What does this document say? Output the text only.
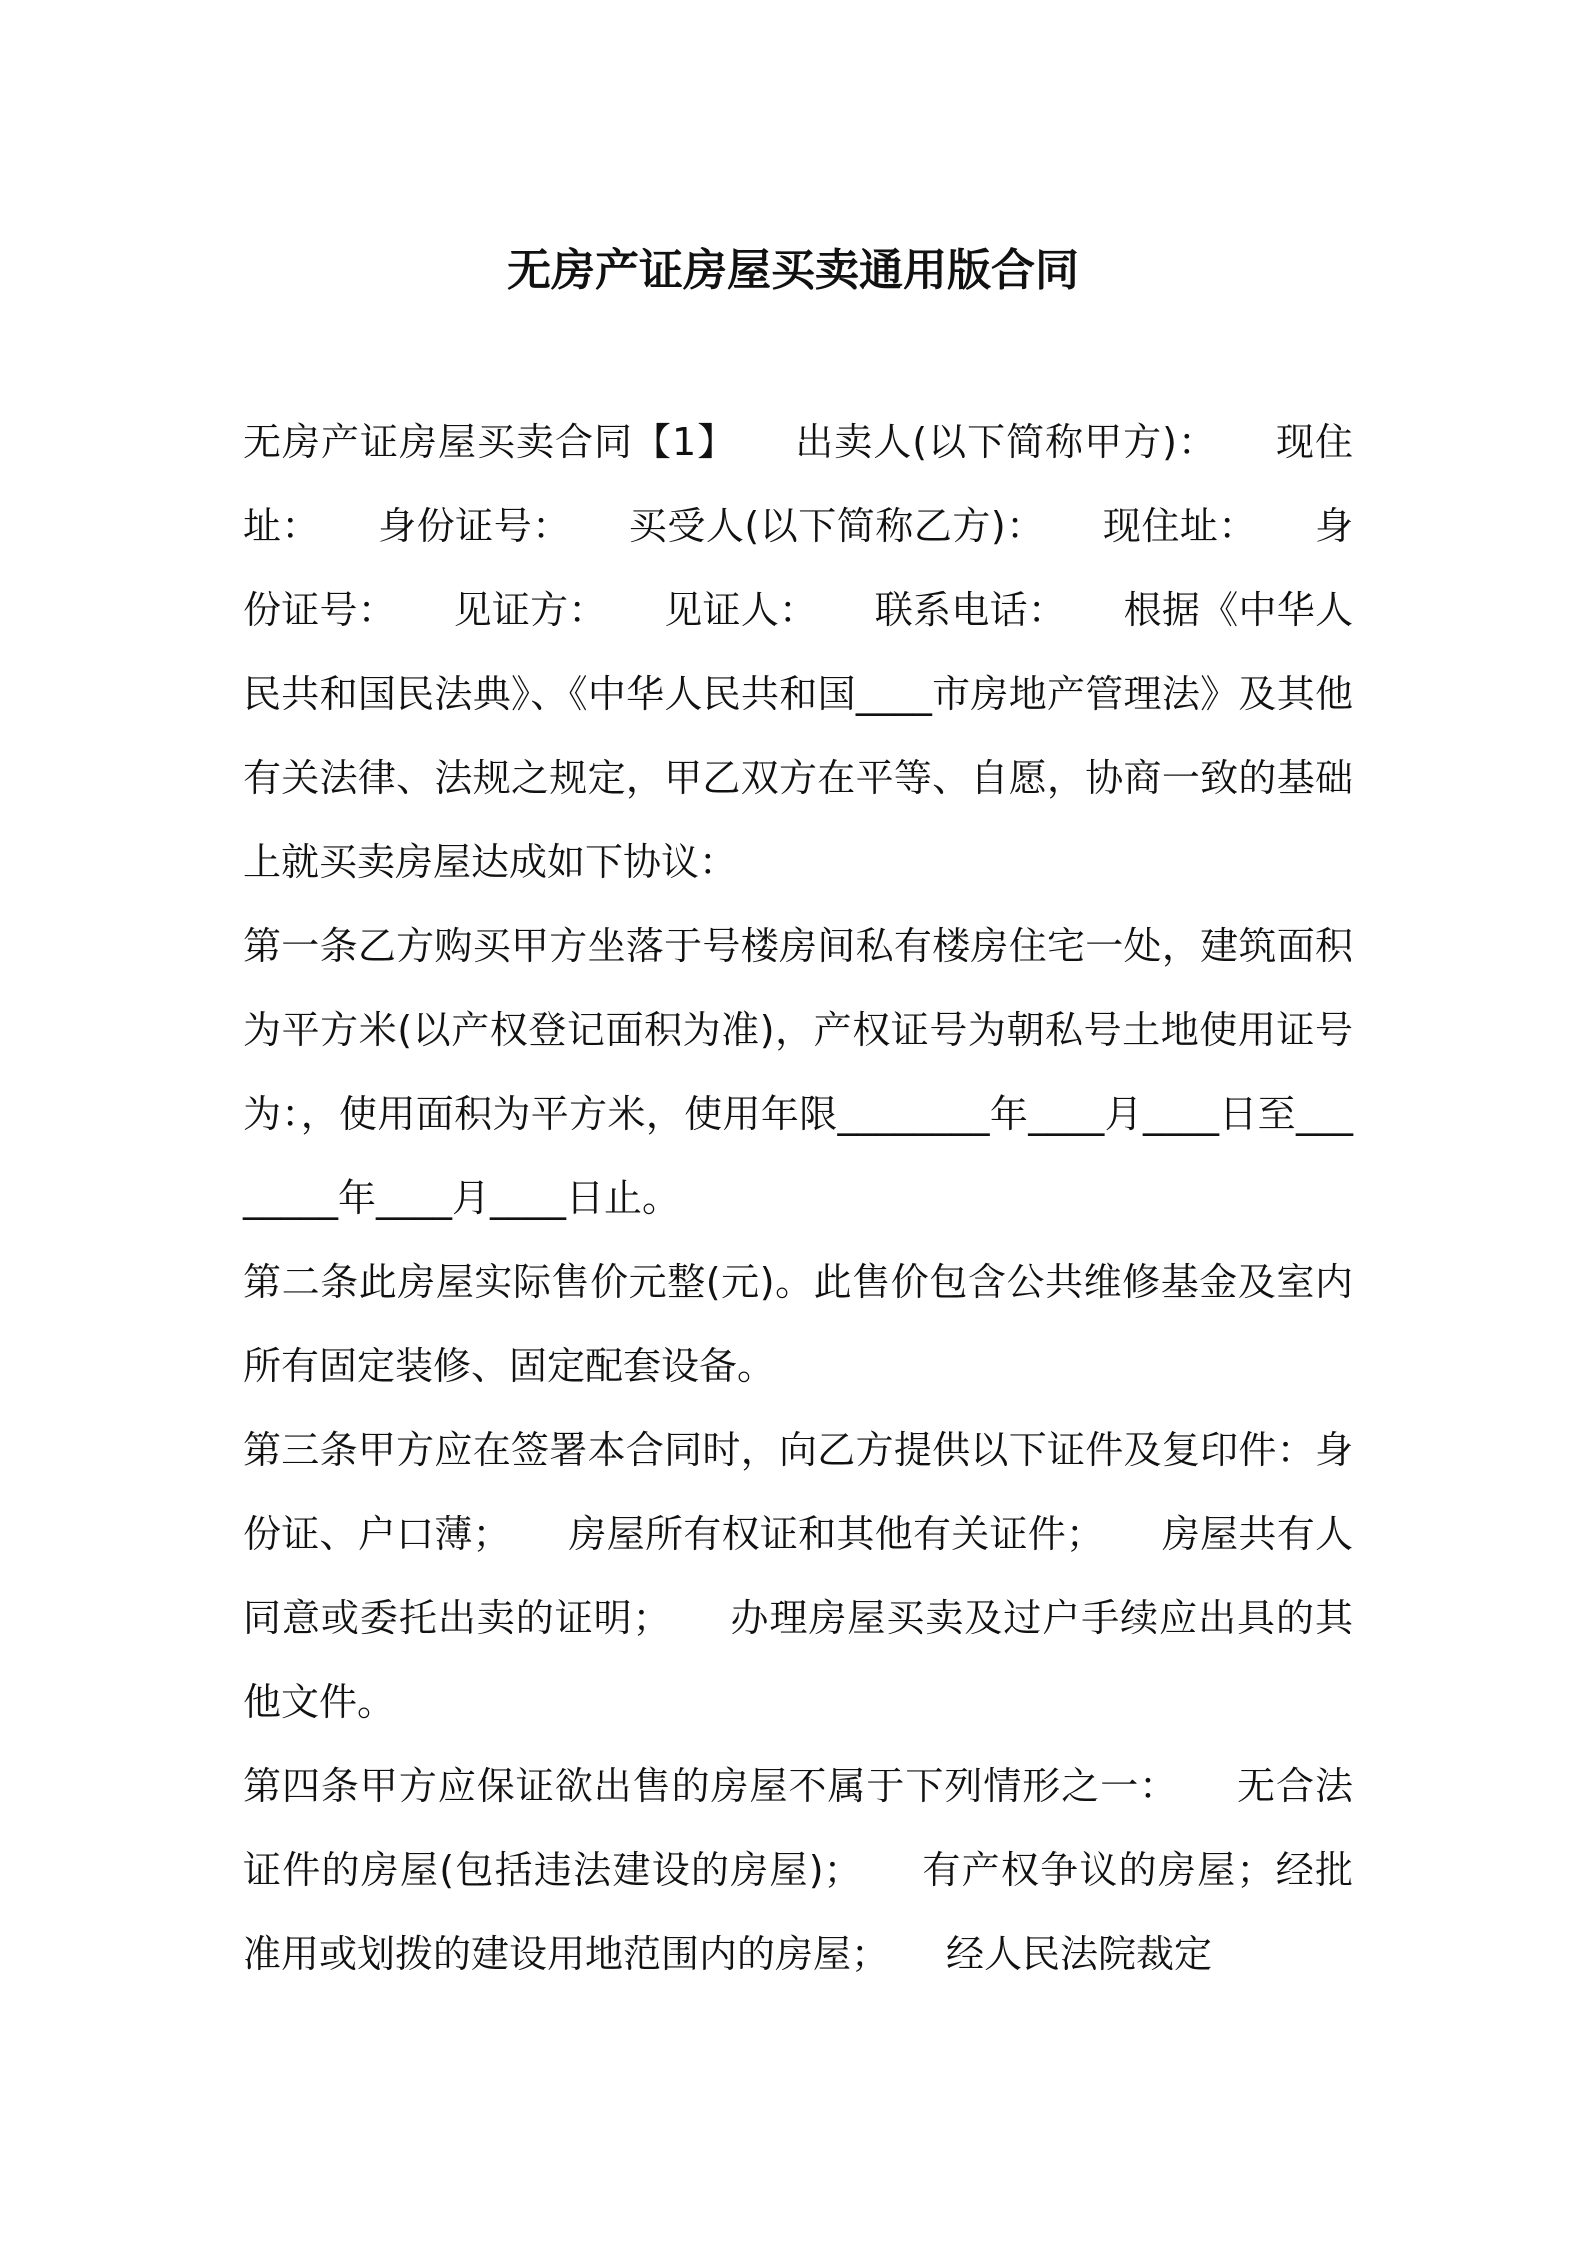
无房产证房屋买卖通用版合同

无房产证房屋买卖合同【1】　　出卖人(以下简称甲方)：　　现住址：　　身份证号：　　买受人(以下简称乙方)：　　现住址：　　身份证号：　　见证方：　　见证人：　　联系电话：　　根据《中华人民共和国民法典》、《中华人民共和国____市房地产管理法》及其他有关法律、法规之规定，甲乙双方在平等、自愿，协商一致的基础上就买卖房屋达成如下协议：

第一条乙方购买甲方坐落于号楼房间私有楼房住宅一处，建筑面积为平方米(以产权登记面积为准)，产权证号为朝私号土地使用证号为：，使用面积为平方米，使用年限________年____月____日至________年____月____日止。

第二条此房屋实际售价元整(元)。此售价包含公共维修基金及室内所有固定装修、固定配套设备。

第三条甲方应在签署本合同时，向乙方提供以下证件及复印件：身份证、户口薄；　　房屋所有权证和其他有关证件；　　房屋共有人同意或委托出卖的证明；　　办理房屋买卖及过户手续应出具的其他文件。

第四条甲方应保证欲出售的房屋不属于下列情形之一：　　无合法证件的房屋(包括违法建设的房屋)；　　有产权争议的房屋；经批准用或划拨的建设用地范围内的房屋；　　经人民法院裁定
